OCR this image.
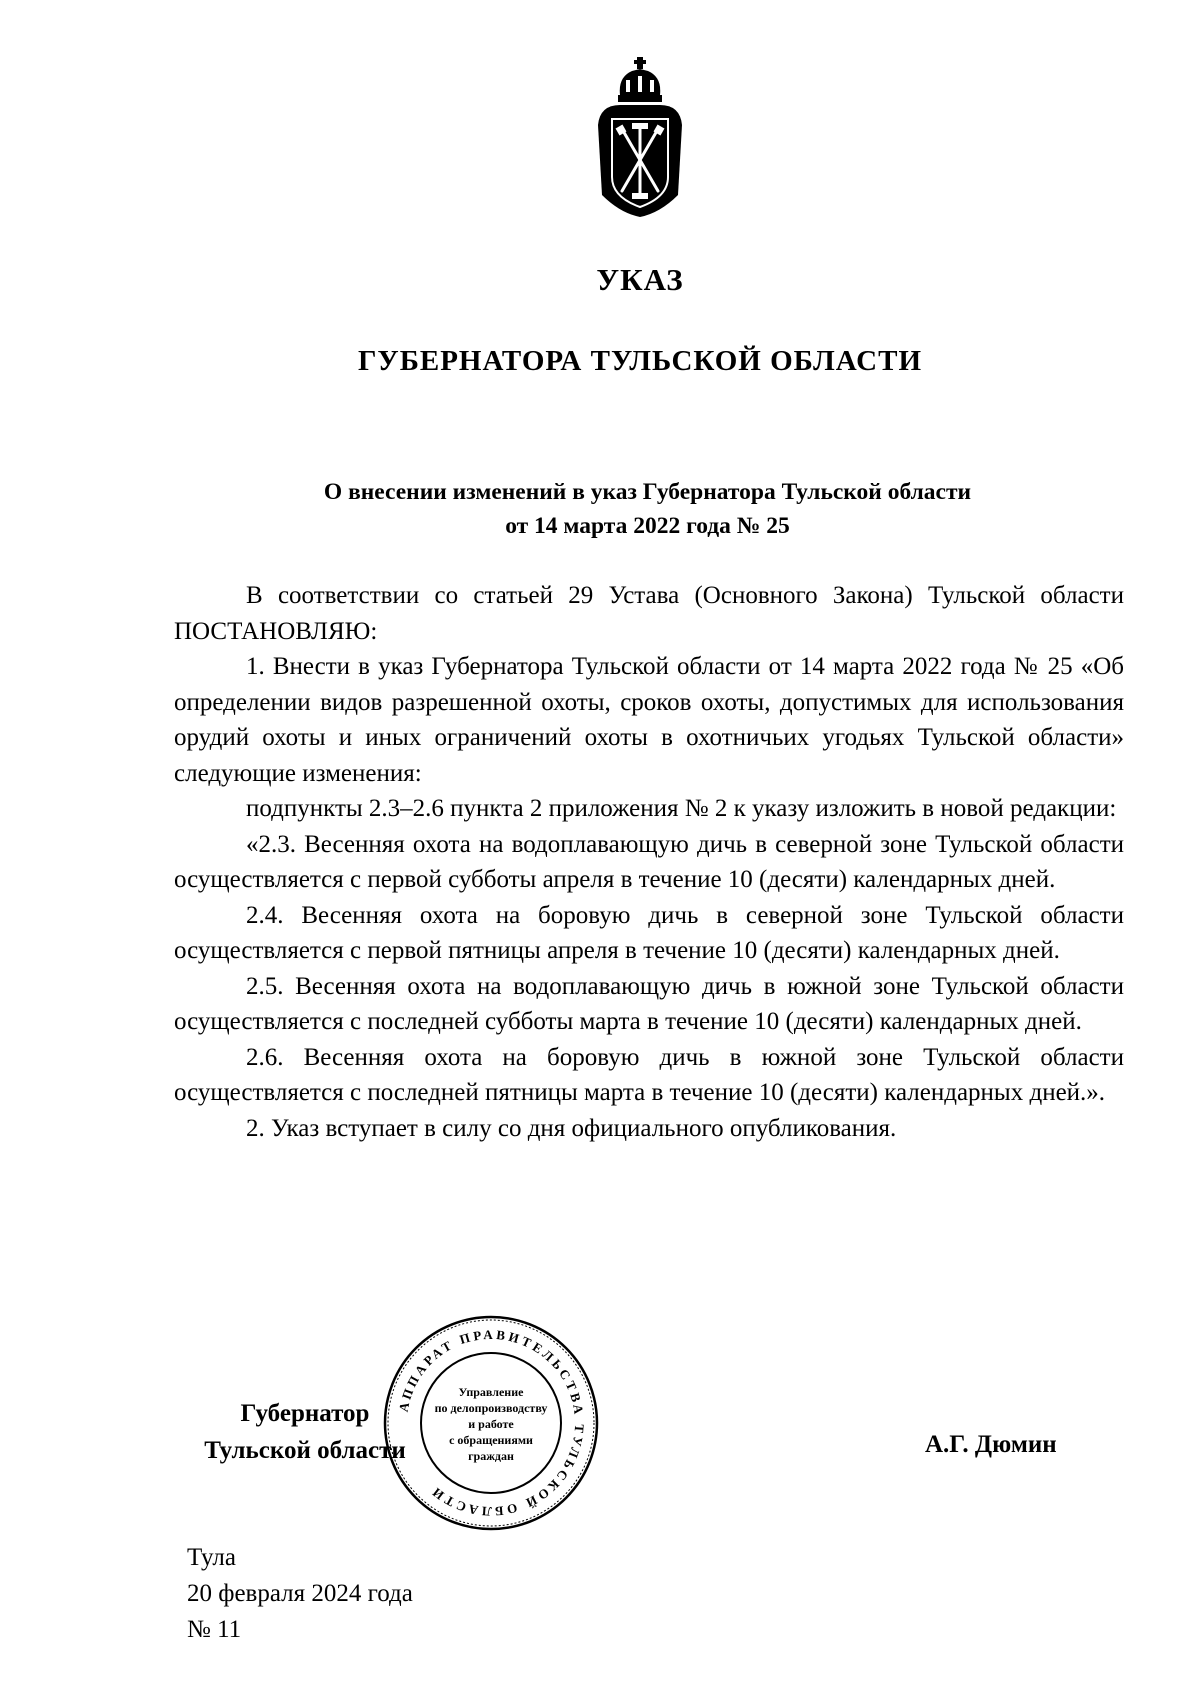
УКАЗ
ГУБЕРНАТОРА ТУЛЬСКОЙ ОБЛАСТИ
О внесении изменений в указ Губернатора Тульской области
от 14 марта 2022 года № 25

В соответствии со статьей 29 Устава (Основного Закона) Тульской области ПОСТАНОВЛЯЮ:

1. Внести в указ Губернатора Тульской области от 14 марта 2022 года № 25 «Об определении видов разрешенной охоты, сроков охоты, допустимых для использования орудий охоты и иных ограничений охоты в охотничьих угодьях Тульской области» следующие изменения:

подпункты 2.3–2.6 пункта 2 приложения № 2 к указу изложить в новой редакции:

«2.3. Весенняя охота на водоплавающую дичь в северной зоне Тульской области осуществляется с первой субботы апреля в течение 10 (десяти) календарных дней.

2.4. Весенняя охота на боровую дичь в северной зоне Тульской области осуществляется с первой пятницы апреля в течение 10 (десяти) календарных дней.

2.5. Весенняя охота на водоплавающую дичь в южной зоне Тульской области осуществляется с последней субботы марта в течение 10 (десяти) календарных дней.

2.6. Весенняя охота на боровую дичь в южной зоне Тульской области осуществляется с последней пятницы марта в течение 10 (десяти) календарных дней.».

2. Указ вступает в силу со дня официального опубликования.

Губернатор
Тульской области
АППАРАТ ПРАВИТЕЛЬСТВА ТУЛЬСКОЙ ОБЛАСТИ
Управление
по делопроизводству
и работе
с обращениями
граждан	А.Г. Дюмин
Тула
20 февраля 2024 года
№ 11
